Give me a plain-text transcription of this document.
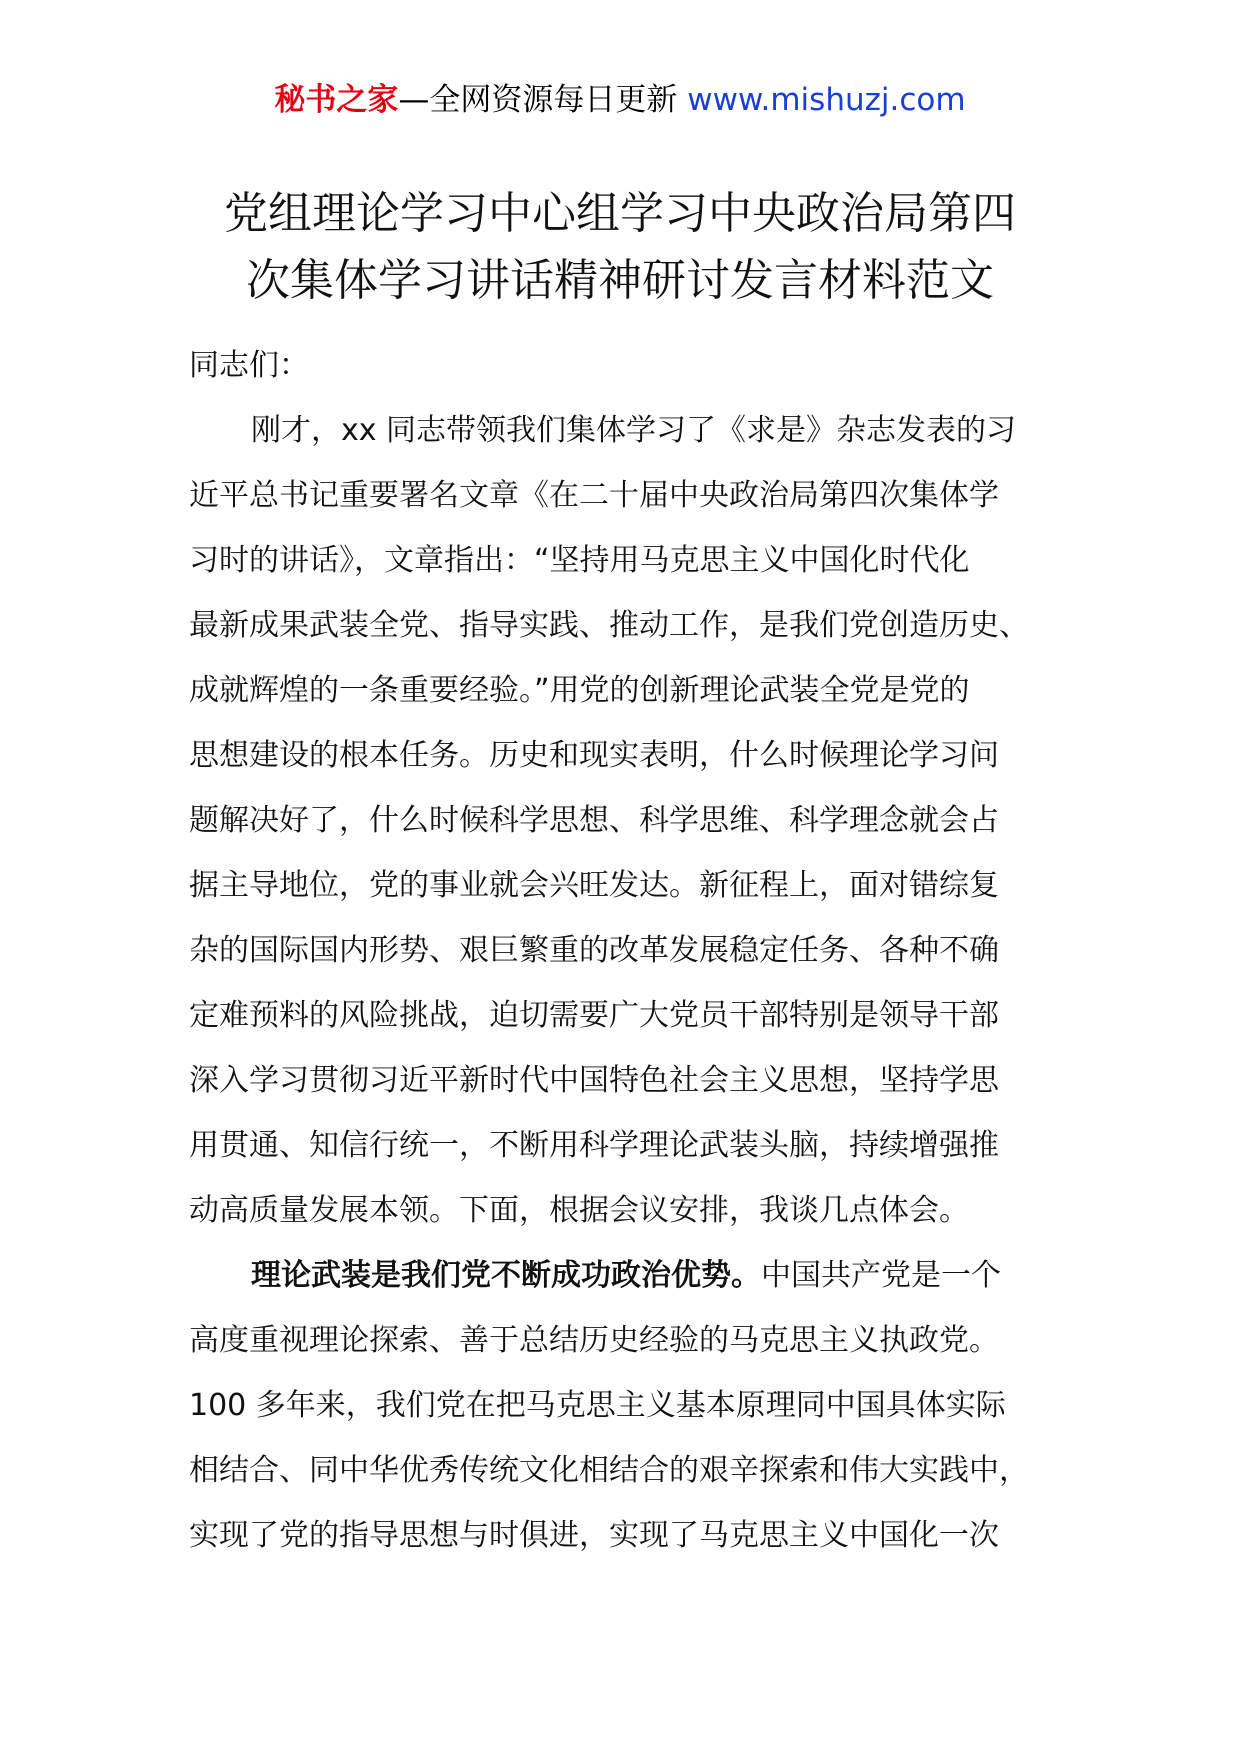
秘书之家—全网资源每日更新 www.mishuzj.com
党组理论学习中心组学习中央政治局第四
次集体学习讲话精神研讨发言材料范文

同志们：

刚才，xx 同志带领我们集体学习了《求是》杂志发表的习
近平总书记重要署名文章《在二十届中央政治局第四次集体学
习时的讲话》，文章指出：“坚持用马克思主义中国化时代化
最新成果武装全党、指导实践、推动工作，是我们党创造历史、
成就辉煌的一条重要经验。”用党的创新理论武装全党是党的
思想建设的根本任务。历史和现实表明，什么时候理论学习问
题解决好了，什么时候科学思想、科学思维、科学理念就会占
据主导地位，党的事业就会兴旺发达。新征程上，面对错综复
杂的国际国内形势、艰巨繁重的改革发展稳定任务、各种不确
定难预料的风险挑战，迫切需要广大党员干部特别是领导干部
深入学习贯彻习近平新时代中国特色社会主义思想，坚持学思
用贯通、知信行统一，不断用科学理论武装头脑，持续增强推
动高质量发展本领。下面，根据会议安排，我谈几点体会。

理论武装是我们党不断成功政治优势。中国共产党是一个
高度重视理论探索、善于总结历史经验的马克思主义执政党。
100 多年来，我们党在把马克思主义基本原理同中国具体实际
相结合、同中华优秀传统文化相结合的艰辛探索和伟大实践中，
实现了党的指导思想与时俱进，实现了马克思主义中国化一次
